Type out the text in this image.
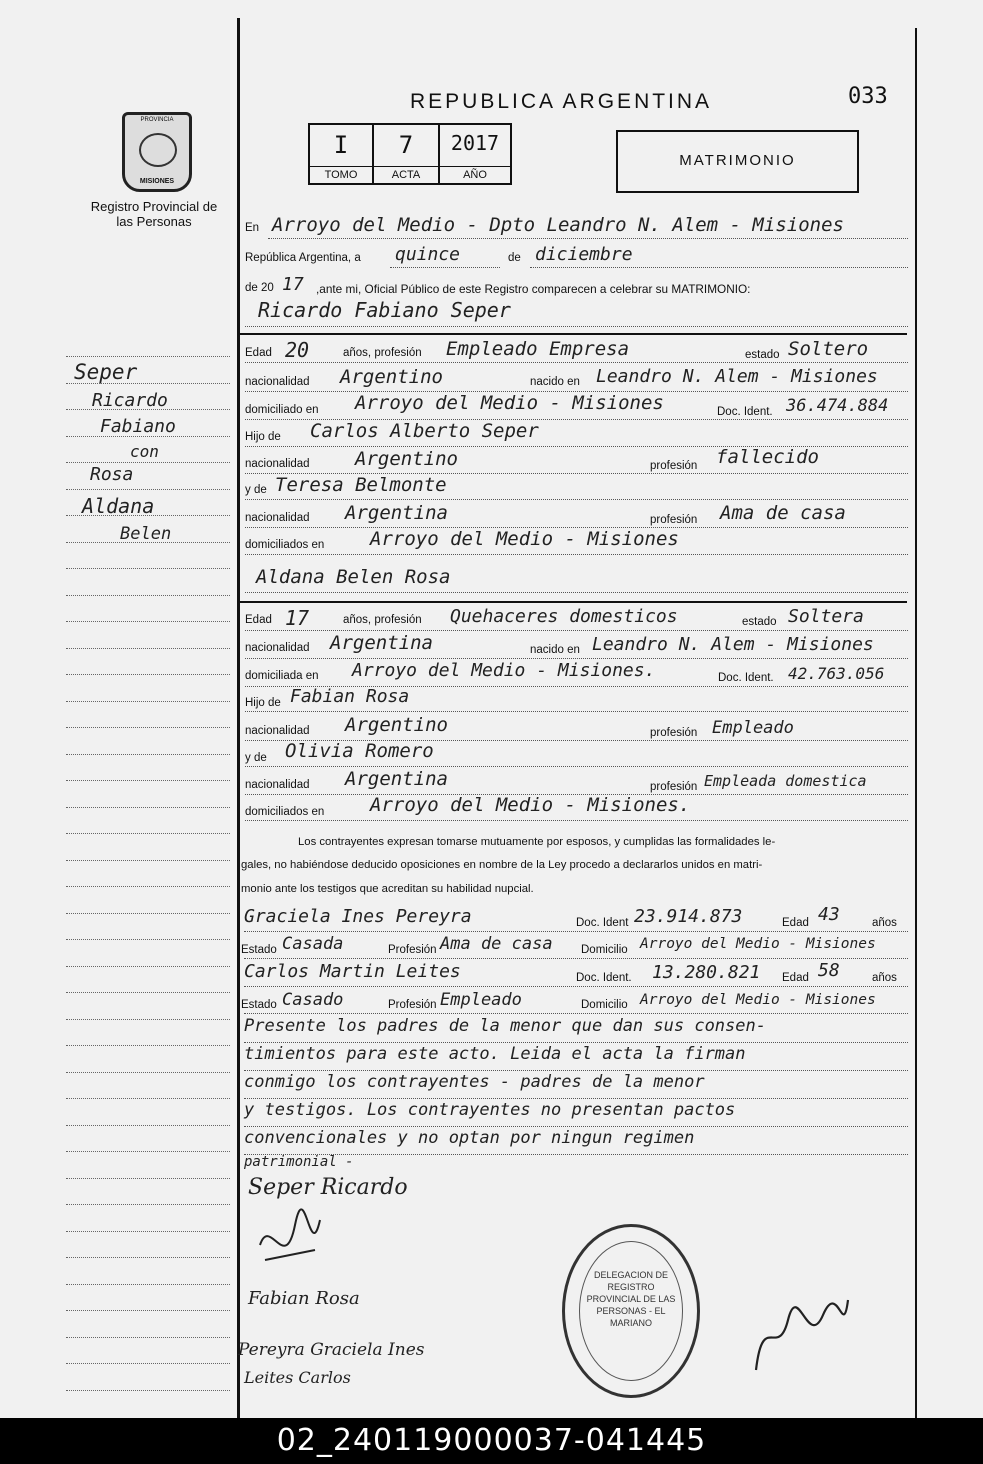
REPUBLICA ARGENTINA	033
PROVINCIA
MISIONES
Registro Provincial de las Personas
I
TOMO
7
ACTA
2017
AÑO
MATRIMONIO
En Arroyo del Medio - Dpto Leandro N. Alem - Misiones
República Argentina, a quince	de diciembre
de 20 17 ,ante mi, Oficial Público de este Registro comparecen a celebrar su MATRIMONIO:
Ricardo Fabiano Seper
Edad 20	años, profesión Empleado Empresa	estado Soltero
nacionalidad Argentino	nacido en Leandro N. Alem - Misiones
domiciliado en Arroyo del Medio - Misiones	Doc. Ident. 36.474.884
Hijo de Carlos Alberto Seper
nacionalidad Argentino	profesión fallecido
y de Teresa Belmonte
nacionalidad Argentina	profesión Ama de casa
domiciliados en Arroyo del Medio - Misiones
Aldana Belen Rosa
Edad 17	años, profesión Quehaceres domesticos	estado Soltera
nacionalidad Argentina	nacido en Leandro N. Alem - Misiones
domiciliada en Arroyo del Medio - Misiones.	Doc. Ident. 42.763.056
Hijo de Fabian Rosa
nacionalidad Argentino	profesión Empleado
y de Olivia Romero
nacionalidad Argentina	profesión Empleada domestica
domiciliados en Arroyo del Medio - Misiones.
Los contrayentes expresan tomarse mutuamente por esposos, y cumplidas las formalidades le-
gales, no habiéndose deducido oposiciones en nombre de la Ley procedo a declararlos unidos en matri-
monio ante los testigos que acreditan su habilidad nupcial.
Graciela Ines Pereyra	Doc. Ident 23.914.873	Edad 43	años
Estado Casada	Profesión Ama de casa Domicilio Arroyo del Medio - Misiones
Carlos Martin Leites	Doc. Ident. 13.280.821 Edad 58	años
Estado Casado	Profesión Empleado	Domicilio Arroyo del Medio - Misiones
Presente los padres de la menor que dan sus consen-
timientos para este acto. Leida el acta la firman
conmigo los contrayentes - padres de la menor
y testigos. Los contrayentes no presentan pactos
convencionales y no optan por ningun regimen
patrimonial -
Seper Ricardo
Fabian Rosa
Pereyra Graciela Ines
Leites Carlos
DELEGACION DE REGISTRO PROVINCIAL DE LAS PERSONAS - EL MARIANO
Seper
Ricardo
Fabiano
con
Rosa
Aldana
Belen
02_240119000037-041445
